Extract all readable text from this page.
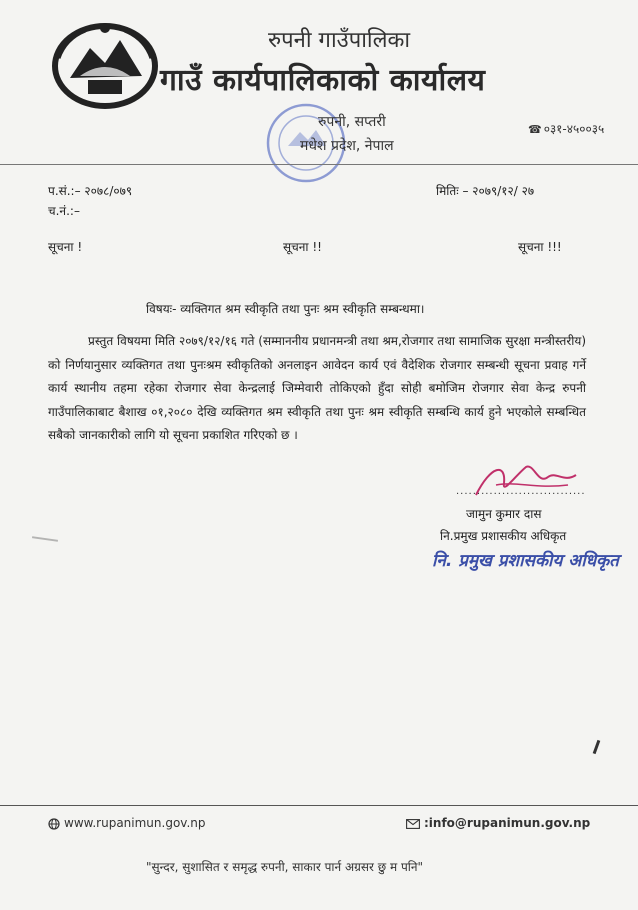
रुपनी गाउँपालिका
गाउँ कार्यपालिकाको कार्यालय
रुपनी, सप्तरी
मधेश प्रदेश, नेपाल
☎ ०३१-४५००३५
प.सं.:– २०७८/०७९
च.नं.:–
मितिः – २०७९/१२/ २७
सूचना !	सूचना !!	सूचना !!!
विषयः- व्यक्तिगत श्रम स्वीकृति तथा पुनः श्रम स्वीकृति सम्बन्धमा।

प्रस्तुत विषयमा मिति २०७९/१२/१६ गते (सम्माननीय प्रधानमन्त्री तथा श्रम,रोजगार तथा सामाजिक सुरक्षा मन्त्रीस्तरीय) को निर्णयानुसार व्यक्तिगत तथा पुनःश्रम स्वीकृतिको अनलाइन आवेदन कार्य एवं वैदेशिक रोजगार सम्बन्धी सूचना प्रवाह गर्ने कार्य स्थानीय तहमा रहेका रोजगार सेवा केन्द्रलाई जिम्मेवारी तोकिएको हुँदा सोही बमोजिम रोजगार सेवा केन्द्र रुपनी गाउँपालिकाबाट बैशाख ०१,२०८० देखि व्यक्तिगत श्रम स्वीकृति तथा पुनः श्रम स्वीकृति सम्बन्धि कार्य हुने भएकोले सम्बन्धित सबैको जानकारीको लागि यो सूचना प्रकाशित गरिएको छ ।

...............................
जामुन कुमार दास
नि.प्रमुख प्रशासकीय अधिकृत
नि. प्रमुख प्रशासकीय अधिकृत
www.rupanimun.gov.np	:info@rupanimun.gov.np
"सुन्दर, सुशासित र समृद्ध रुपनी, साकार पार्न अग्रसर छु म पनि"
